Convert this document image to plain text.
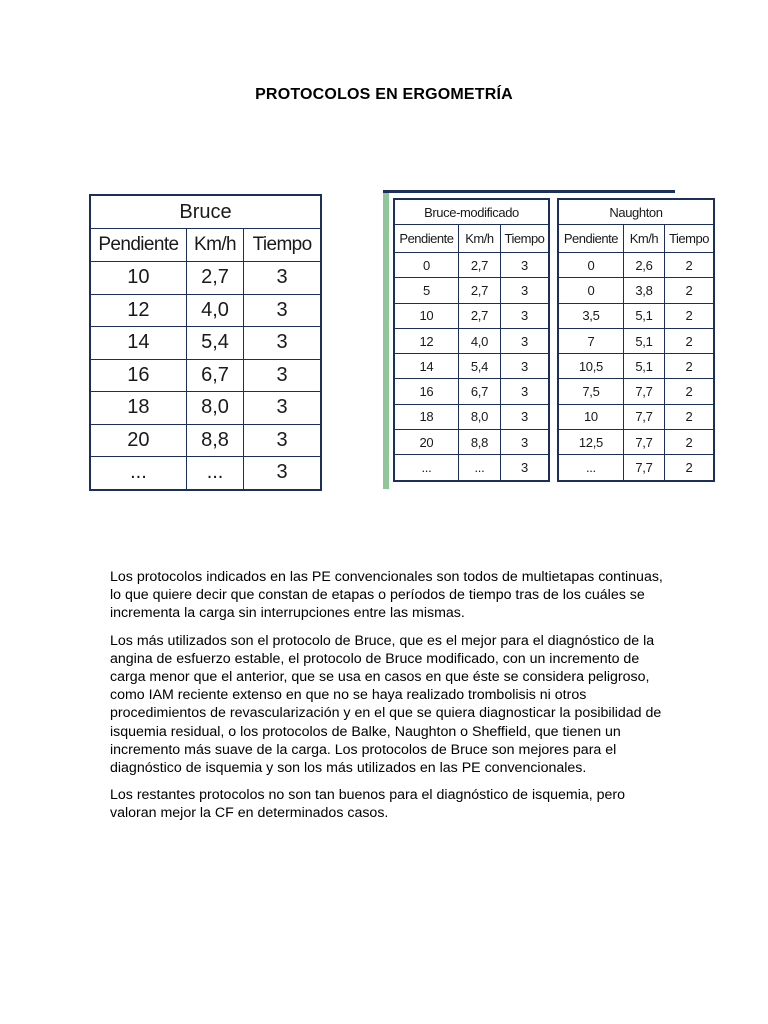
PROTOCOLOS EN ERGOMETRÍA
Bruce		
Pendiente	Km/h	Tiempo
10	2,7	3
12	4,0	3
14	5,4	3
16	6,7	3
18	8,0	3
20	8,8	3
...	...	3
Bruce-modificado		
Pendiente	Km/h	Tiempo
0	2,7	3
5	2,7	3
10	2,7	3
12	4,0	3
14	5,4	3
16	6,7	3
18	8,0	3
20	8,8	3
...	...	3
Naughton		
Pendiente	Km/h	Tiempo
0	2,6	2
0	3,8	2
3,5	5,1	2
7	5,1	2
10,5	5,1	2
7,5	7,7	2
10	7,7	2
12,5	7,7	2
...	7,7	2

Los protocolos indicados en las PE convencionales son todos de multietapas continuas, lo que quiere decir que constan de etapas o períodos de tiempo tras de los cuáles se incrementa la carga sin interrupciones entre las mismas.

Los más utilizados son el protocolo de Bruce, que es el mejor para el diagnóstico de la angina de esfuerzo estable, el protocolo de Bruce modificado, con un incremento de carga menor que el anterior, que se usa en casos en que éste se considera peligroso, como IAM reciente extenso en que no se haya realizado trombolisis ni otros procedimientos de revascularización y en el que se quiera diagnosticar la posibilidad de isquemia residual, o los protocolos de Balke, Naughton o Sheffield, que tienen un incremento más suave de la carga. Los protocolos de Bruce son mejores para el diagnóstico de isquemia y son los más utilizados en las PE convencionales.

Los restantes protocolos no son tan buenos para el diagnóstico de isquemia, pero valoran mejor la CF en determinados casos.
